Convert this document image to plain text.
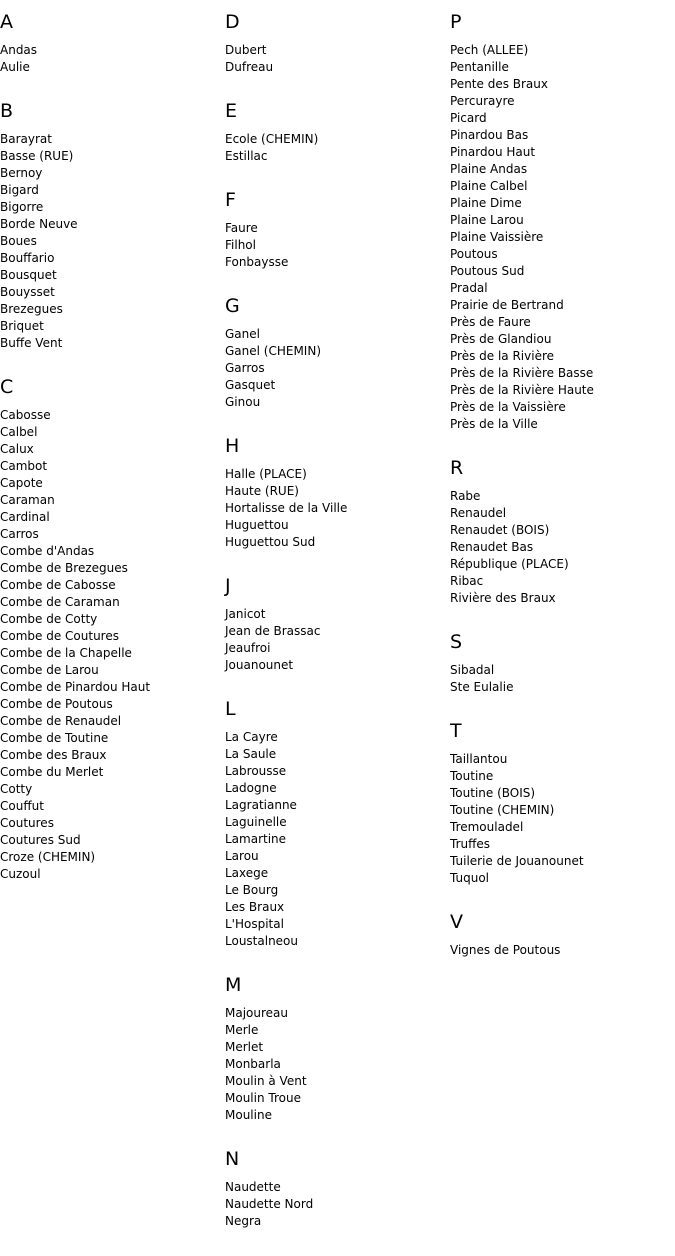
A
Andas
Aulie
B
Barayrat
Basse (RUE)
Bernoy
Bigard
Bigorre
Borde Neuve
Boues
Bouffario
Bousquet
Bouysset
Brezegues
Briquet
Buffe Vent
C
Cabosse
Calbel
Calux
Cambot
Capote
Caraman
Cardinal
Carros
Combe d'Andas
Combe de Brezegues
Combe de Cabosse
Combe de Caraman
Combe de Cotty
Combe de Coutures
Combe de la Chapelle
Combe de Larou
Combe de Pinardou Haut
Combe de Poutous
Combe de Renaudel
Combe de Toutine
Combe des Braux
Combe du Merlet
Cotty
Couffut
Coutures
Coutures Sud
Croze (CHEMIN)
Cuzoul
D
Dubert
Dufreau
E
Ecole (CHEMIN)
Estillac
F
Faure
Filhol
Fonbaysse
G
Ganel
Ganel (CHEMIN)
Garros
Gasquet
Ginou
H
Halle (PLACE)
Haute (RUE)
Hortalisse de la Ville
Huguettou
Huguettou Sud
J
Janicot
Jean de Brassac
Jeaufroi
Jouanounet
L
La Cayre
La Saule
Labrousse
Ladogne
Lagratianne
Laguinelle
Lamartine
Larou
Laxege
Le Bourg
Les Braux
L'Hospital
Loustalneou
M
Majoureau
Merle
Merlet
Monbarla
Moulin à Vent
Moulin Troue
Mouline
N
Naudette
Naudette Nord
Negra
P
Pech (ALLEE)
Pentanille
Pente des Braux
Percurayre
Picard
Pinardou Bas
Pinardou Haut
Plaine Andas
Plaine Calbel
Plaine Dime
Plaine Larou
Plaine Vaissière
Poutous
Poutous Sud
Pradal
Prairie de Bertrand
Près de Faure
Près de Glandiou
Près de la Rivière
Près de la Rivière Basse
Près de la Rivière Haute
Près de la Vaissière
Près de la Ville
R
Rabe
Renaudel
Renaudet (BOIS)
Renaudet Bas
République (PLACE)
Ribac
Rivière des Braux
S
Sibadal
Ste Eulalie
T
Taillantou
Toutine
Toutine (BOIS)
Toutine (CHEMIN)
Tremouladel
Truffes
Tuilerie de Jouanounet
Tuquol
V
Vignes de Poutous
